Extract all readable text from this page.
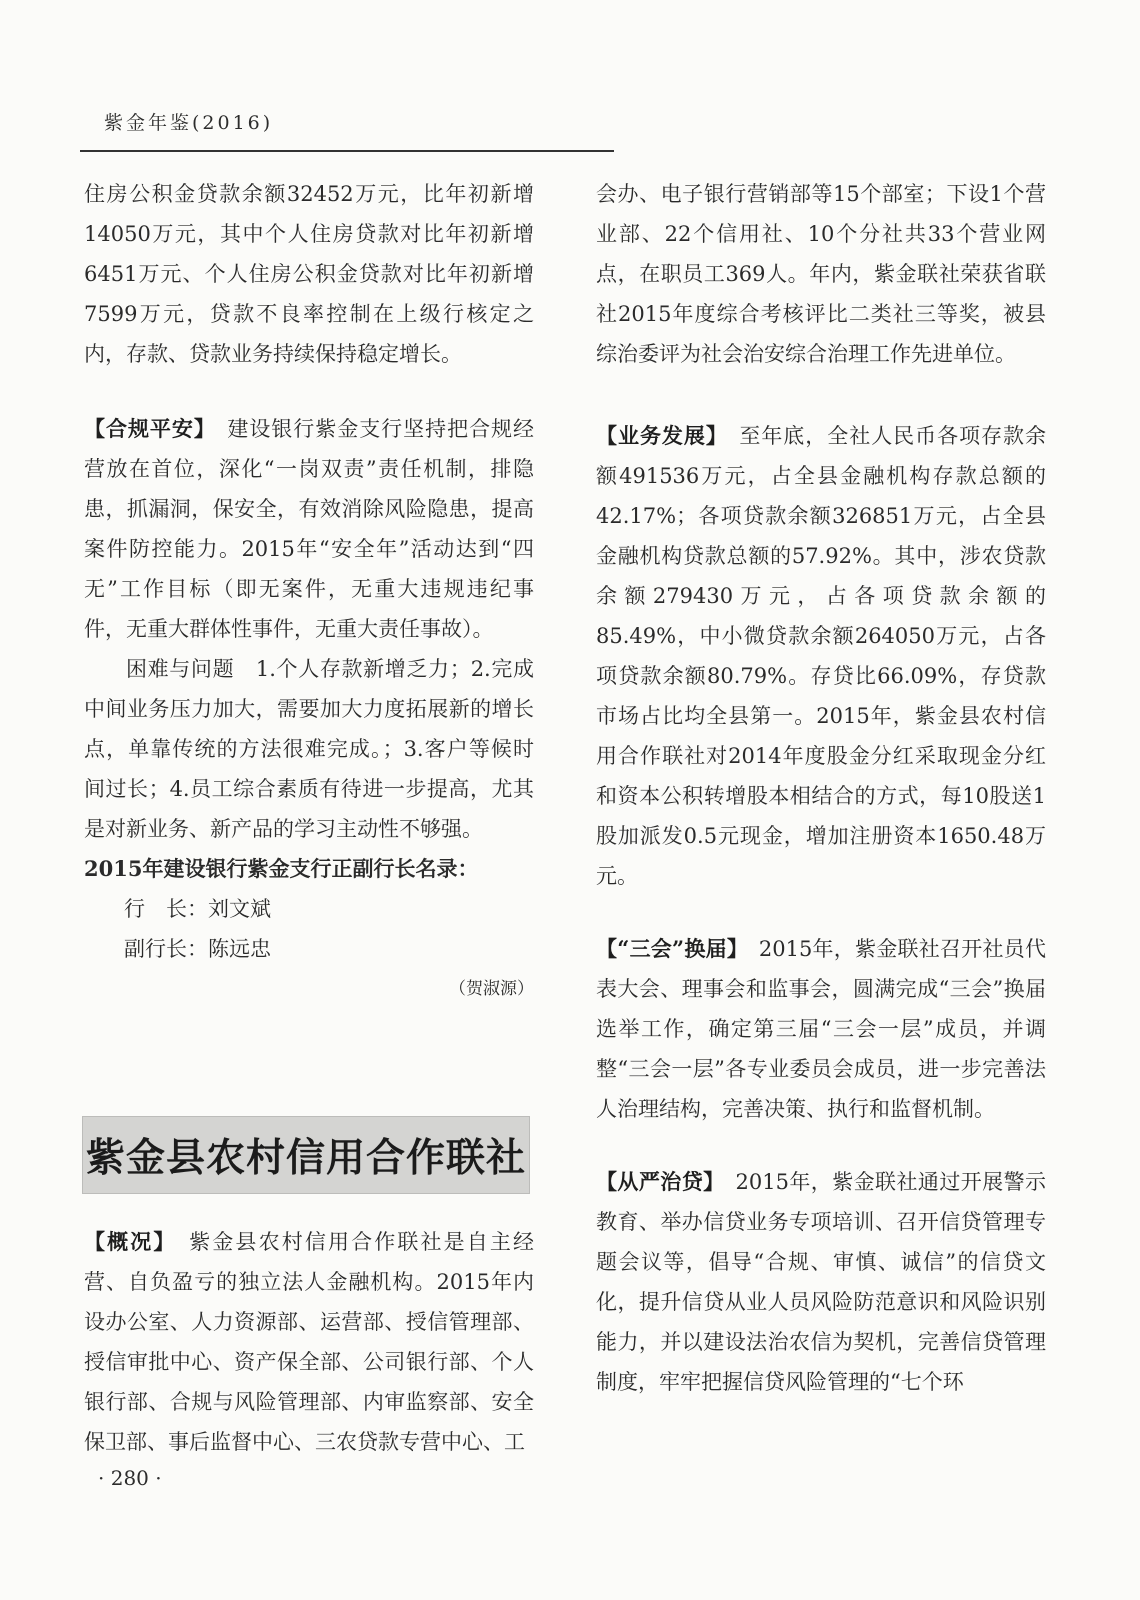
紫金年鉴(2016)

住房公积金贷款余额32452万元，比年初新增14050万元，其中个人住房贷款对比年初新增6451万元、个人住房公积金贷款对比年初新增7599万元，贷款不良率控制在上级行核定之内，存款、贷款业务持续保持稳定增长。

【合规平安】　 建设银行紫金支行坚持把合规经营放在首位，深化“一岗双责”责任机制，排隐患，抓漏洞，保安全，有效消除风险隐患，提高案件防控能力。2015年“安全年”活动达到“四无”工作目标（即无案件，无重大违规违纪事件，无重大群体性事件，无重大责任事故）。

困难与问题　 1.个人存款新增乏力；2.完成中间业务压力加大，需要加大力度拓展新的增长点，单靠传统的方法很难完成。；3.客户等候时间过长；4.员工综合素质有待进一步提高，尤其是对新业务、新产品的学习主动性不够强。

2015年建设银行紫金支行正副行长名录：

行　长：刘文斌

副行长：陈远忠

（贺淑源）

紫金县农村信用合作联社

【概况】　 紫金县农村信用合作联社是自主经营、自负盈亏的独立法人金融机构。2015年内设办公室、人力资源部、运营部、授信管理部、授信审批中心、资产保全部、公司银行部、个人银行部、合规与风险管理部、内审监察部、安全保卫部、事后监督中心、三农贷款专营中心、工

会办、电子银行营销部等15个部室；下设1个营业部、22个信用社、10个分社共33个营业网点，在职员工369人。年内，紫金联社荣获省联社2015年度综合考核评比二类社三等奖，被县综治委评为社会治安综合治理工作先进单位。

【业务发展】　 至年底，全社人民币各项存款余额491536万元，占全县金融机构存款总额的42.17%；各项贷款余额326851万元，占全县金融机构贷款总额的57.92%。其中，涉农贷款余额279430万元，占各项贷款余额的85.49%，中小微贷款余额264050万元，占各项贷款余额80.79%。存贷比66.09%，存贷款市场占比均全县第一。2015年，紫金县农村信用合作联社对2014年度股金分红采取现金分红和资本公积转增股本相结合的方式，每10股送1股加派发0.5元现金，增加注册资本1650.48万元。

【“三会”换届】　 2015年，紫金联社召开社员代表大会、理事会和监事会，圆满完成“三会”换届选举工作，确定第三届“三会一层”成员，并调整“三会一层”各专业委员会成员，进一步完善法人治理结构，完善决策、执行和监督机制。

【从严治贷】　 2015年，紫金联社通过开展警示教育、举办信贷业务专项培训、召开信贷管理专题会议等，倡导“合规、审慎、诚信”的信贷文化，提升信贷从业人员风险防范意识和风险识别能力，并以建设法治农信为契机，完善信贷管理制度，牢牢把握信贷风险管理的“七个环

· 280 ·
